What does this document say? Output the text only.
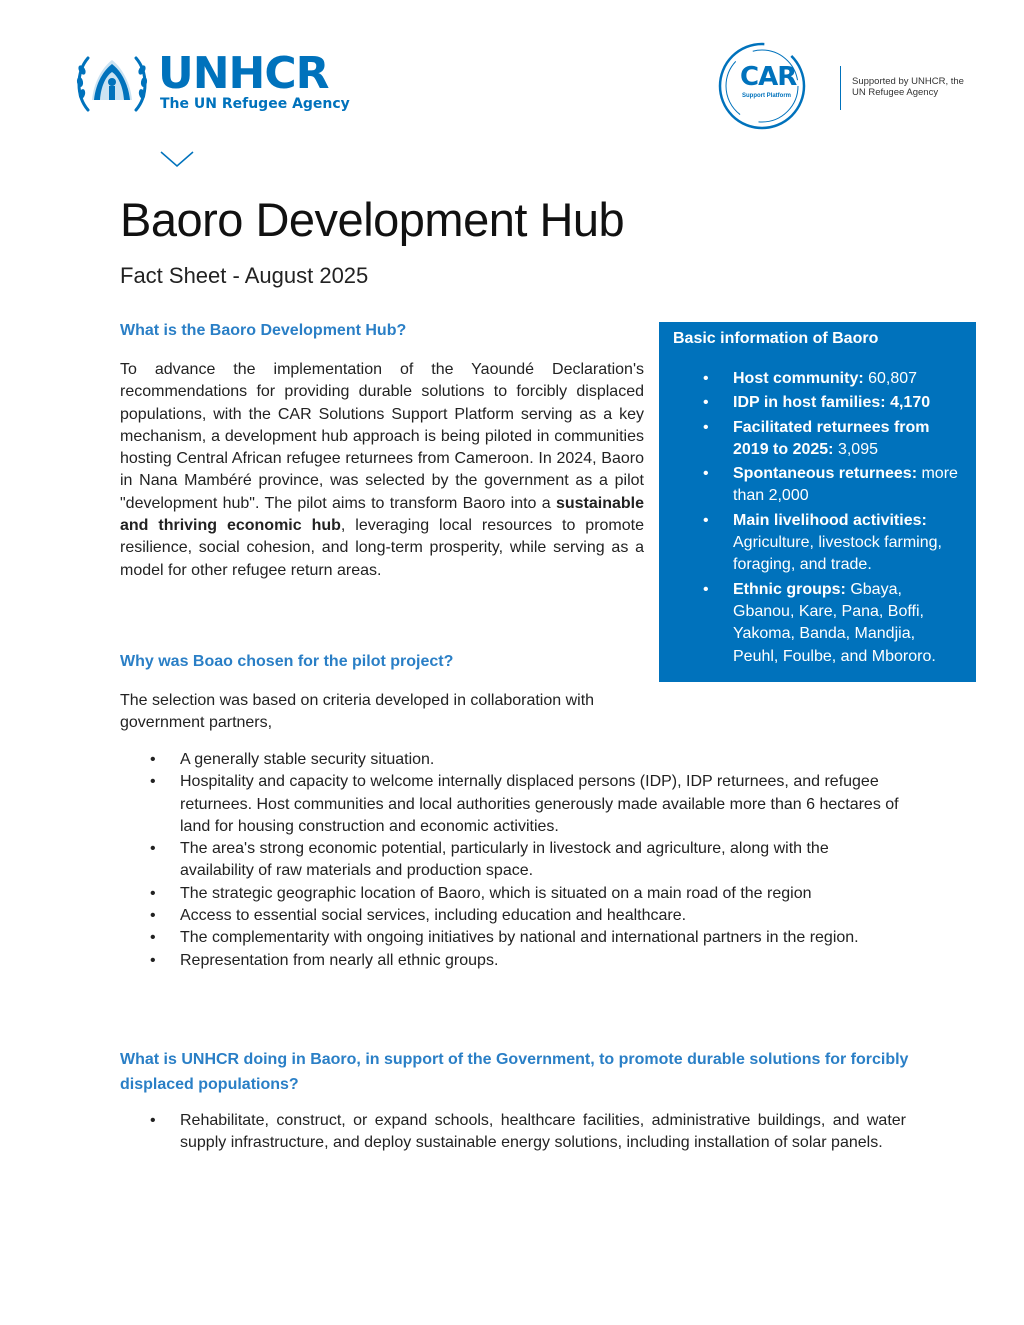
UNHCR
The UN Refugee Agency
CAR
Support Platform
Supported by UNHCR, the UN Refugee Agency
Baoro Development Hub

Fact Sheet - August 2025

What is the Baoro Development Hub?

To advance the implementation of the Yaoundé Declaration's recommendations for providing durable solutions to forcibly displaced populations, with the CAR Solutions Support Platform serving as a key mechanism, a development hub approach is being piloted in communities hosting Central African refugee returnees from Cameroon. In 2024, Baoro in Nana Mambéré province, was selected by the government as a pilot "development hub". The pilot aims to transform Baoro into a sustainable and thriving economic hub, leveraging local resources to promote resilience, social cohesion, and long-term prosperity, while serving as a model for other refugee return areas.

Basic information of Baoro
• Host community: 60,807
• IDP in host families: 4,170
• Facilitated returnees from 2019 to 2025: 3,095
• Spontaneous returnees: more than 2,000
• Main livelihood activities: Agriculture, livestock farming, foraging, and trade.
• Ethnic groups: Gbaya, Gbanou, Kare, Pana, Boffi, Yakoma, Banda, Mandjia, Peuhl, Foulbe, and Mbororo.
Why was Boao chosen for the pilot project?

The selection was based on criteria developed in collaboration with government partners,

• A generally stable security situation.
• Hospitality and capacity to welcome internally displaced persons (IDP), IDP returnees, and refugee returnees. Host communities and local authorities generously made available more than 6 hectares of land for housing construction and economic activities.
• The area's strong economic potential, particularly in livestock and agriculture, along with the availability of raw materials and production space.
• The strategic geographic location of Baoro, which is situated on a main road of the region
• Access to essential social services, including education and healthcare.
• The complementarity with ongoing initiatives by national and international partners in the region.
• Representation from nearly all ethnic groups.
What is UNHCR doing in Baoro, in support of the Government, to promote durable solutions for forcibly displaced populations?
• Rehabilitate, construct, or expand schools, healthcare facilities, administrative buildings, and water supply infrastructure, and deploy sustainable energy solutions, including installation of solar panels.
